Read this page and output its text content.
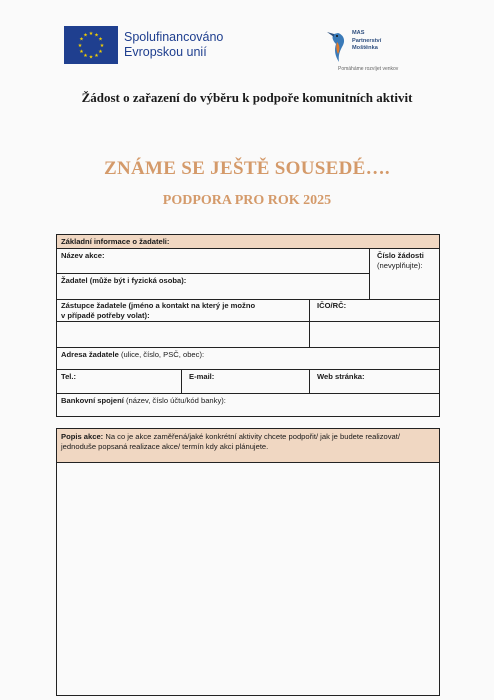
★ ★
★
★
★
★
★
★
★
★
★
★	Spolufinancováno
Evropskou unií
MAS
Partnerství
Moštěnka
Pomáháme rozvíjet venkov
Žádost o zařazení do výběru k podpoře komunitních aktivit
ZNÁME SE JEŠTĚ SOUSEDÉ….
PODPORA PRO ROK 2025
Základní informace o žadateli:
Název akce:	Číslo žádosti
(nevyplňujte):
Žadatel (může být i fyzická osoba):
Zástupce žadatele (jméno a kontakt na který je možno
v případě potřeby volat):
IČO/RČ:
Adresa žadatele (ulice, číslo, PSČ, obec):
Tel.:	E-mail:	Web stránka:
Bankovní spojení (název, číslo účtu/kód banky):
Popis akce: Na co je akce zaměřená/jaké konkrétní aktivity chcete podpořit/ jak je budete realizovat/ jednoduše popsaná realizace akce/ termín kdy akci plánujete.
